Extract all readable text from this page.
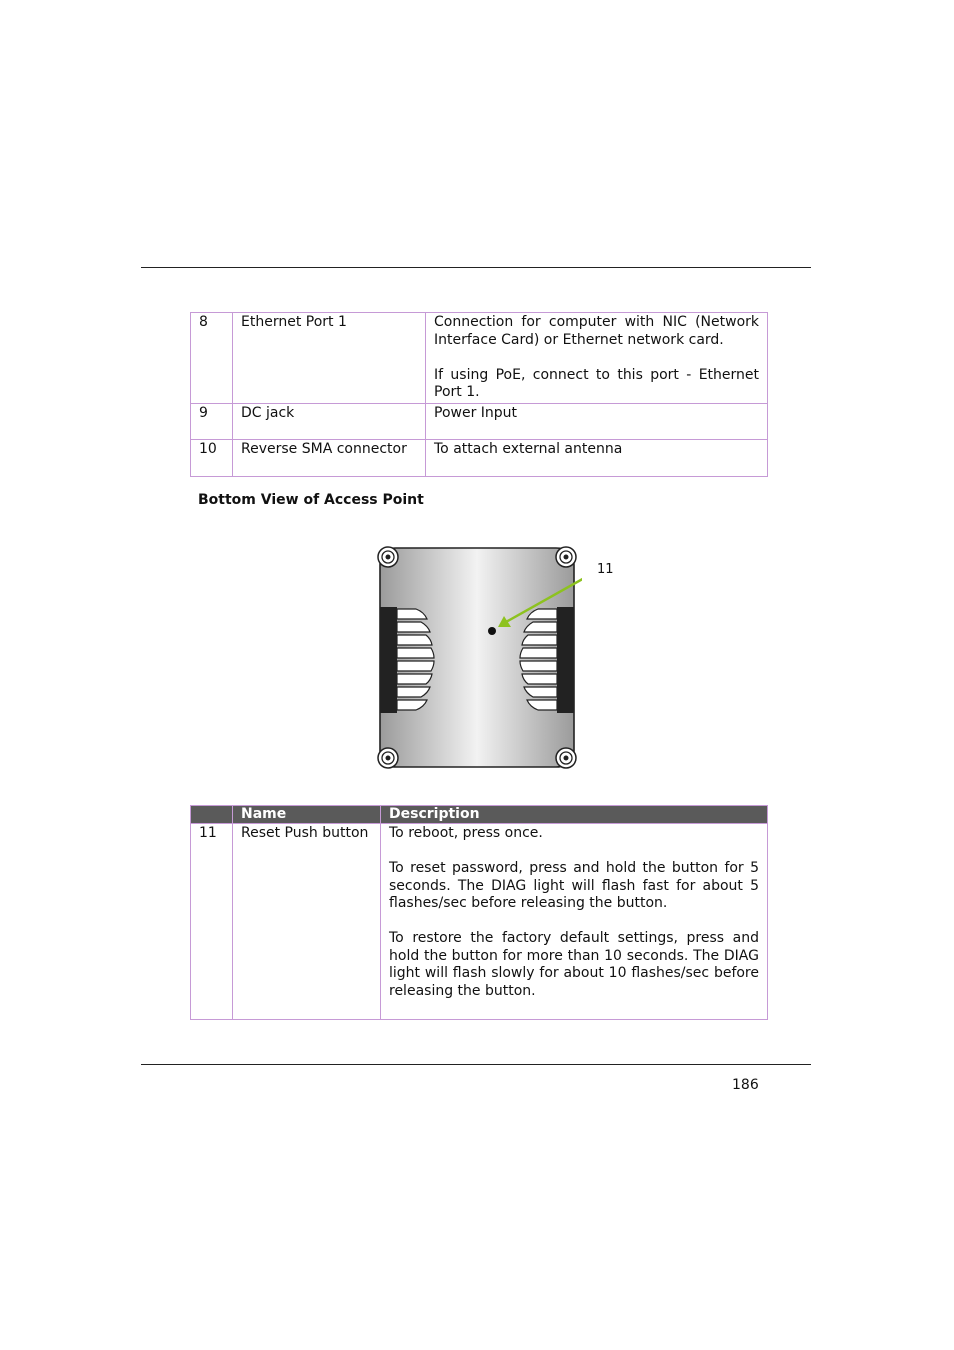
8	Ethernet Port 1	Connection for computer with NIC (Network Interface Card) or Ethernet network card.

If using PoE, connect to this port - Ethernet Port 1.

9	DC jack	Power Input

10	Reverse SMA connector	To attach external antenna

Bottom View of Access Point
11
	Name	Description
11	Reset Push button	To reboot, press once.

To reset password, press and hold the button for 5 seconds. The DIAG light will flash fast for about 5 flashes/sec before releasing the button.

To restore the factory default settings, press and hold the button for more than 10 seconds. The DIAG light will flash slowly for about 10 flashes/sec before releasing the button.

186
